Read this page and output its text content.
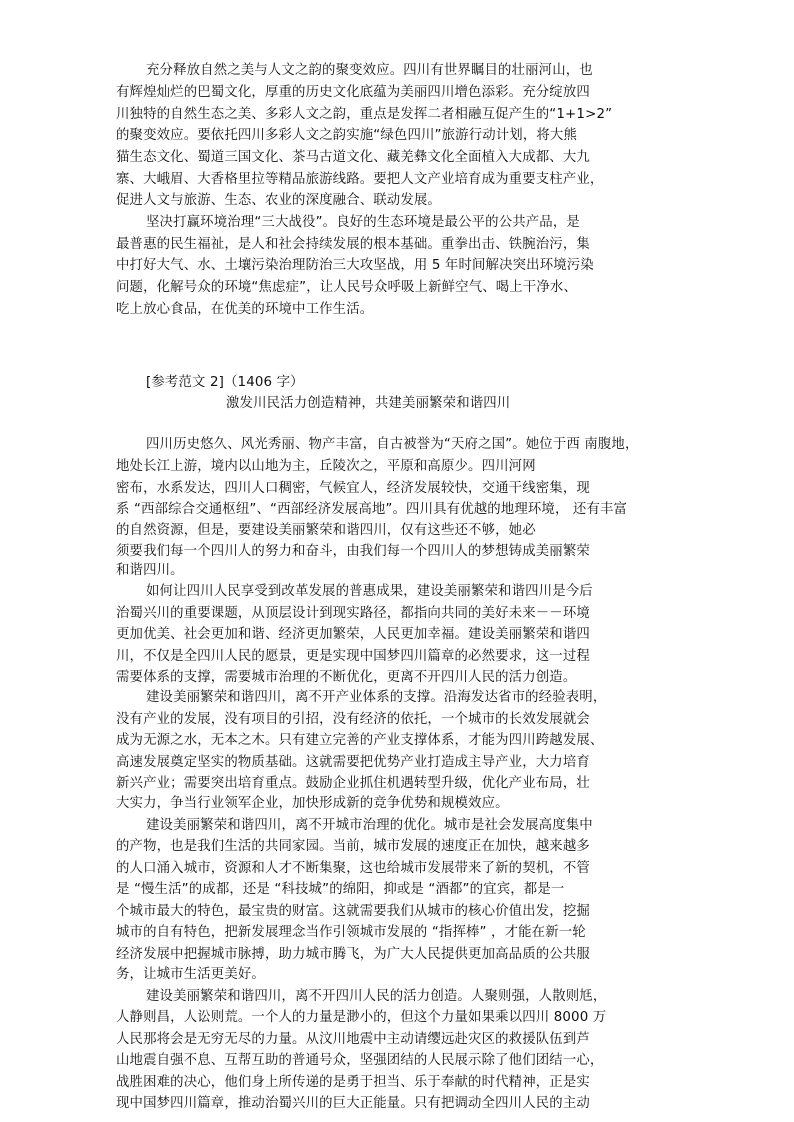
充分释放自然之美与人文之韵的聚变效应。四川有世界瞩目的壮丽河山，也
有辉煌灿烂的巴蜀文化，厚重的历史文化底蕴为美丽四川增色添彩。充分绽放四
川独特的自然生态之美、多彩人文之韵，重点是发挥二者相融互促产生的“1+1>2”
的聚变效应。要依托四川多彩人文之韵实施“绿色四川”旅游行动计划，将大熊
猫生态文化、蜀道三国文化、茶马古道文化、藏羌彝文化全面植入大成都、大九
寨、大峨眉、大香格里拉等精品旅游线路。要把人文产业培育成为重要支柱产业，
促进人文与旅游、生态、农业的深度融合、联动发展。
坚决打赢环境治理“三大战役”。良好的生态环境是最公平的公共产品，是
最普惠的民生福祉，是人和社会持续发展的根本基础。重拳出击、铁腕治污，集
中打好大气、水、土壤污染治理防治三大攻坚战，用 5 年时间解决突出环境污染
问题，化解号众的环境“焦虑症”，让人民号众呼吸上新鲜空气、喝上干净水、
吃上放心食品，在优美的环境中工作生活。
[参考范文 2]（1406 字）
激发川民活力创造精神，共建美丽繁荣和谐四川
四川历史悠久、风光秀丽、物产丰富，自古被誉为“天府之国”。她位于西 南腹地，
地处长江上游，境内以山地为主，丘陵次之，平原和高原少。四川河网
密布，水系发达，四川人口稠密，气候宜人，经济发展较快，交通干线密集，现
系 “西部综合交通枢纽”、“西部经济发展高地”。四川具有优越的地理环境， 还有丰富
的自然资源，但是，要建设美丽繁荣和谐四川，仅有这些还不够，她必
须要我们每一个四川人的努力和奋斗，由我们每一个四川人的梦想铸成美丽繁荣
和谐四川。
如何让四川人民享受到改革发展的普惠成果，建设美丽繁荣和谐四川是今后
治蜀兴川的重要课题，从顶层设计到现实路径，都指向共同的美好未来－－环境
更加优美、社会更加和谐、经济更加繁荣，人民更加幸福。建设美丽繁荣和谐四
川，不仅是全四川人民的愿景，更是实现中国梦四川篇章的必然要求，这一过程
需要体系的支撑，需要城市治理的不断优化，更离不开四川人民的活力创造。
建设美丽繁荣和谐四川，离不开产业体系的支撑。沿海发达省市的经验表明，
没有产业的发展，没有项目的引招，没有经济的依托，一个城市的长效发展就会
成为无源之水，无本之木。只有建立完善的产业支撑体系，才能为四川跨越发展、
高速发展奠定坚实的物质基础。这就需要把优势产业打造成主导产业，大力培育
新兴产业；需要突出培育重点。鼓励企业抓住机遇转型升级，优化产业布局，壮
大实力，争当行业领军企业，加快形成新的竞争优势和规模效应。
建设美丽繁荣和谐四川，离不开城市治理的优化。城市是社会发展高度集中
的产物，也是我们生活的共同家园。当前，城市发展的速度正在加快，越来越多
的人口涌入城市，资源和人才不断集聚，这也给城市发展带来了新的契机，不管
是 “慢生活”的成都，还是 “科技城”的绵阳，抑或是 “酒都”的宜宾，都是一
个城市最大的特色，最宝贵的财富。这就需要我们从城市的核心价值出发，挖掘
城市的自有特色，把新发展理念当作引领城市发展的 “指挥棒” ，才能在新一轮
经济发展中把握城市脉搏，助力城市腾飞，为广大人民提供更加高品质的公共服
务，让城市生活更美好。
建设美丽繁荣和谐四川，离不开四川人民的活力创造。人聚则强，人散则尪，
人静则昌，人讼则荒。一个人的力量是渺小的，但这个力量如果乘以四川 8000 万
人民那将会是无穷无尽的力量。从汶川地震中主动请缨远赴灾区的救援队伍到芦
山地震自强不息、互帮互助的普通号众，坚强团结的人民展示除了他们团结一心，
战胜困难的决心，他们身上所传递的是勇于担当、乐于奉献的时代精神，正是实
现中国梦四川篇章，推动治蜀兴川的巨大正能量。只有把调动全四川人民的主动
